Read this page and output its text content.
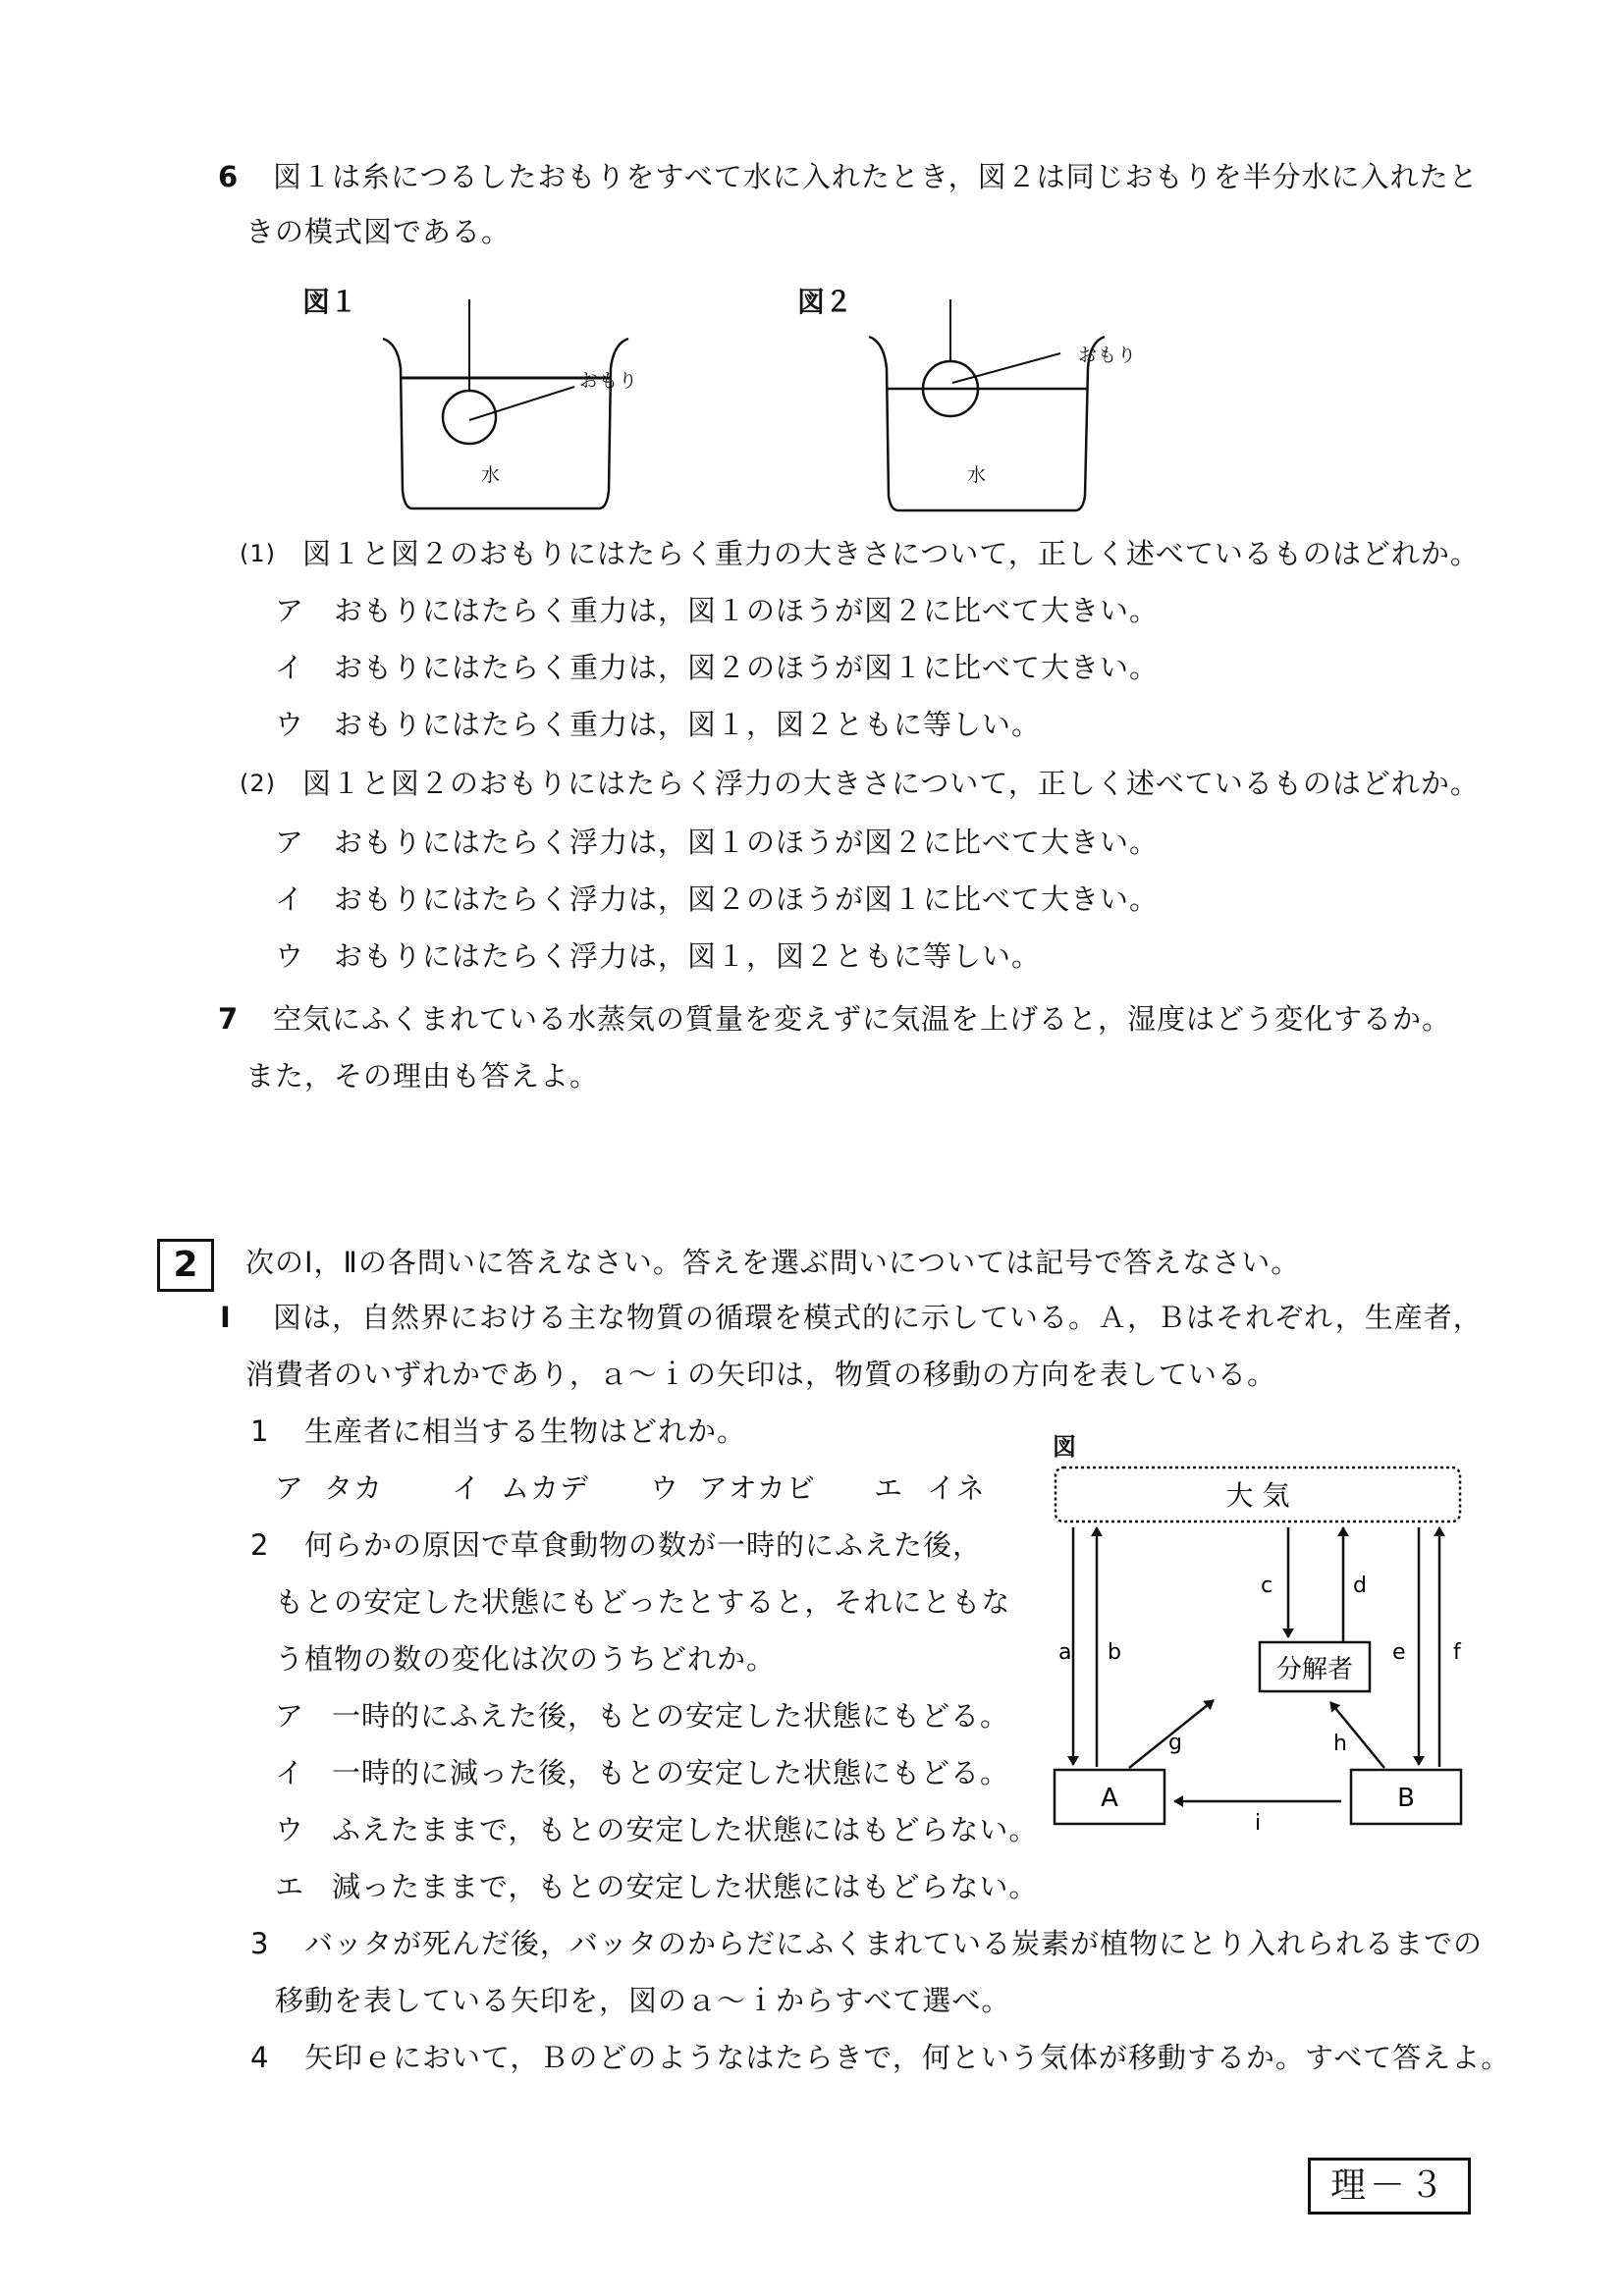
6 図１は糸につるしたおもりをすべて水に入れたとき，図２は同じおもりを半分水に入れたと
きの模式図である。
図１
おもり
水
図２
おもり
水
(1) 図１と図２のおもりにはたらく重力の大きさについて，正しく述べているものはどれか。
ア おもりにはたらく重力は，図１のほうが図２に比べて大きい。
イ おもりにはたらく重力は，図２のほうが図１に比べて大きい。
ウ おもりにはたらく重力は，図１，図２ともに等しい。
(2) 図１と図２のおもりにはたらく浮力の大きさについて，正しく述べているものはどれか。
ア おもりにはたらく浮力は，図１のほうが図２に比べて大きい。
イ おもりにはたらく浮力は，図２のほうが図１に比べて大きい。
ウ おもりにはたらく浮力は，図１，図２ともに等しい。
7 空気にふくまれている水蒸気の質量を変えずに気温を上げると，湿度はどう変化するか。
また，その理由も答えよ。
2	次のⅠ，Ⅱの各問いに答えなさい。答えを選ぶ問いについては記号で答えなさい。
Ⅰ 図は，自然界における主な物質の循環を模式的に示している。Ａ，Ｂはそれぞれ，生産者，
消費者のいずれかであり，ａ～ｉの矢印は，物質の移動の方向を表している。
1 生産者に相当する生物はどれか。
ア タカ イ ムカデ ウ アオカビ エ イネ
2 何らかの原因で草食動物の数が一時的にふえた後，
もとの安定した状態にもどったとすると，それにともな
う植物の数の変化は次のうちどれか。
ア 一時的にふえた後，もとの安定した状態にもどる。
イ 一時的に減った後，もとの安定した状態にもどる。
ウ ふえたままで，もとの安定した状態にはもどらない。
エ 減ったままで，もとの安定した状態にはもどらない。
3 バッタが死んだ後，バッタのからだにふくまれている炭素が植物にとり入れられるまでの
移動を表している矢印を，図のａ～ｉからすべて選べ。
4 矢印ｅにおいて，Ｂのどのようなはたらきで，何という気体が移動するか。すべて答えよ。
図
大 気
分解者
A	B
a b
c	d
e f
g	h
i
理－３
